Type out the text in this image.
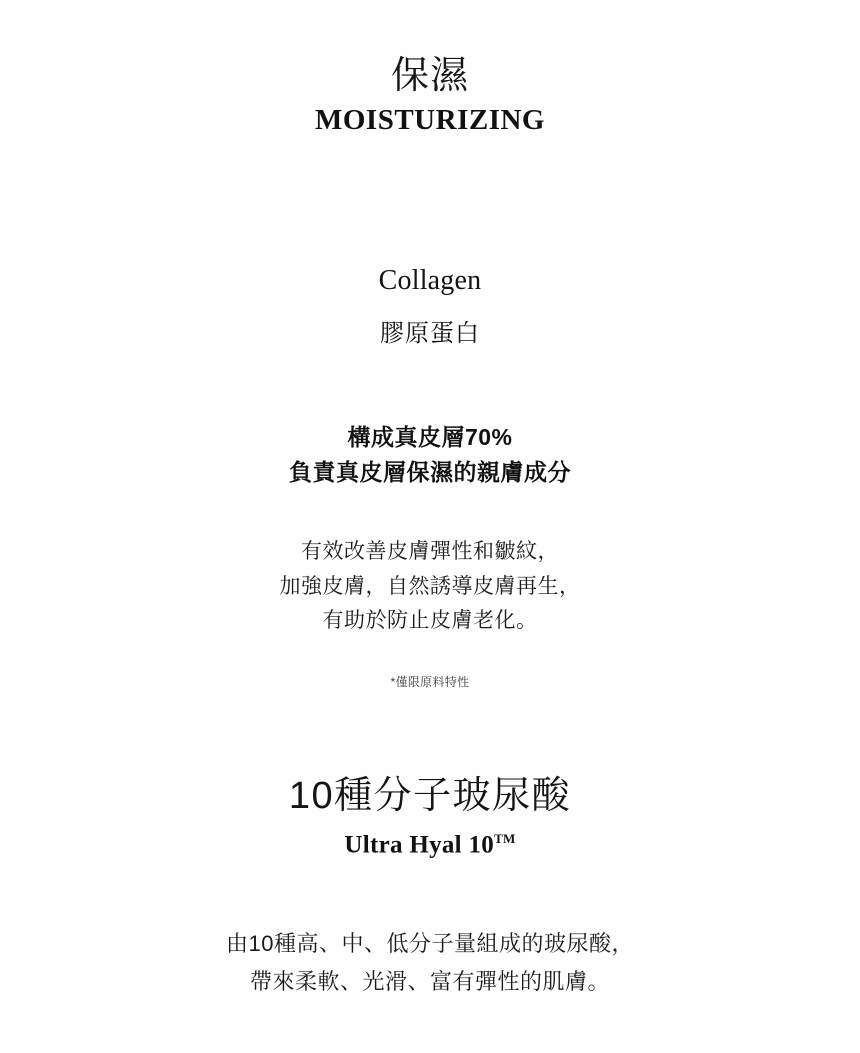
保濕
MOISTURIZING
Collagen
膠原蛋白
構成真皮層70%
負責真皮層保濕的親膚成分
有效改善皮膚彈性和皺紋，
加強皮膚，自然誘導皮膚再生，
有助於防止皮膚老化。
*僅限原料特性
10種分子玻尿酸
Ultra Hyal 10™
由10種高、中、低分子量組成的玻尿酸，
帶來柔軟、光滑、富有彈性的肌膚。
